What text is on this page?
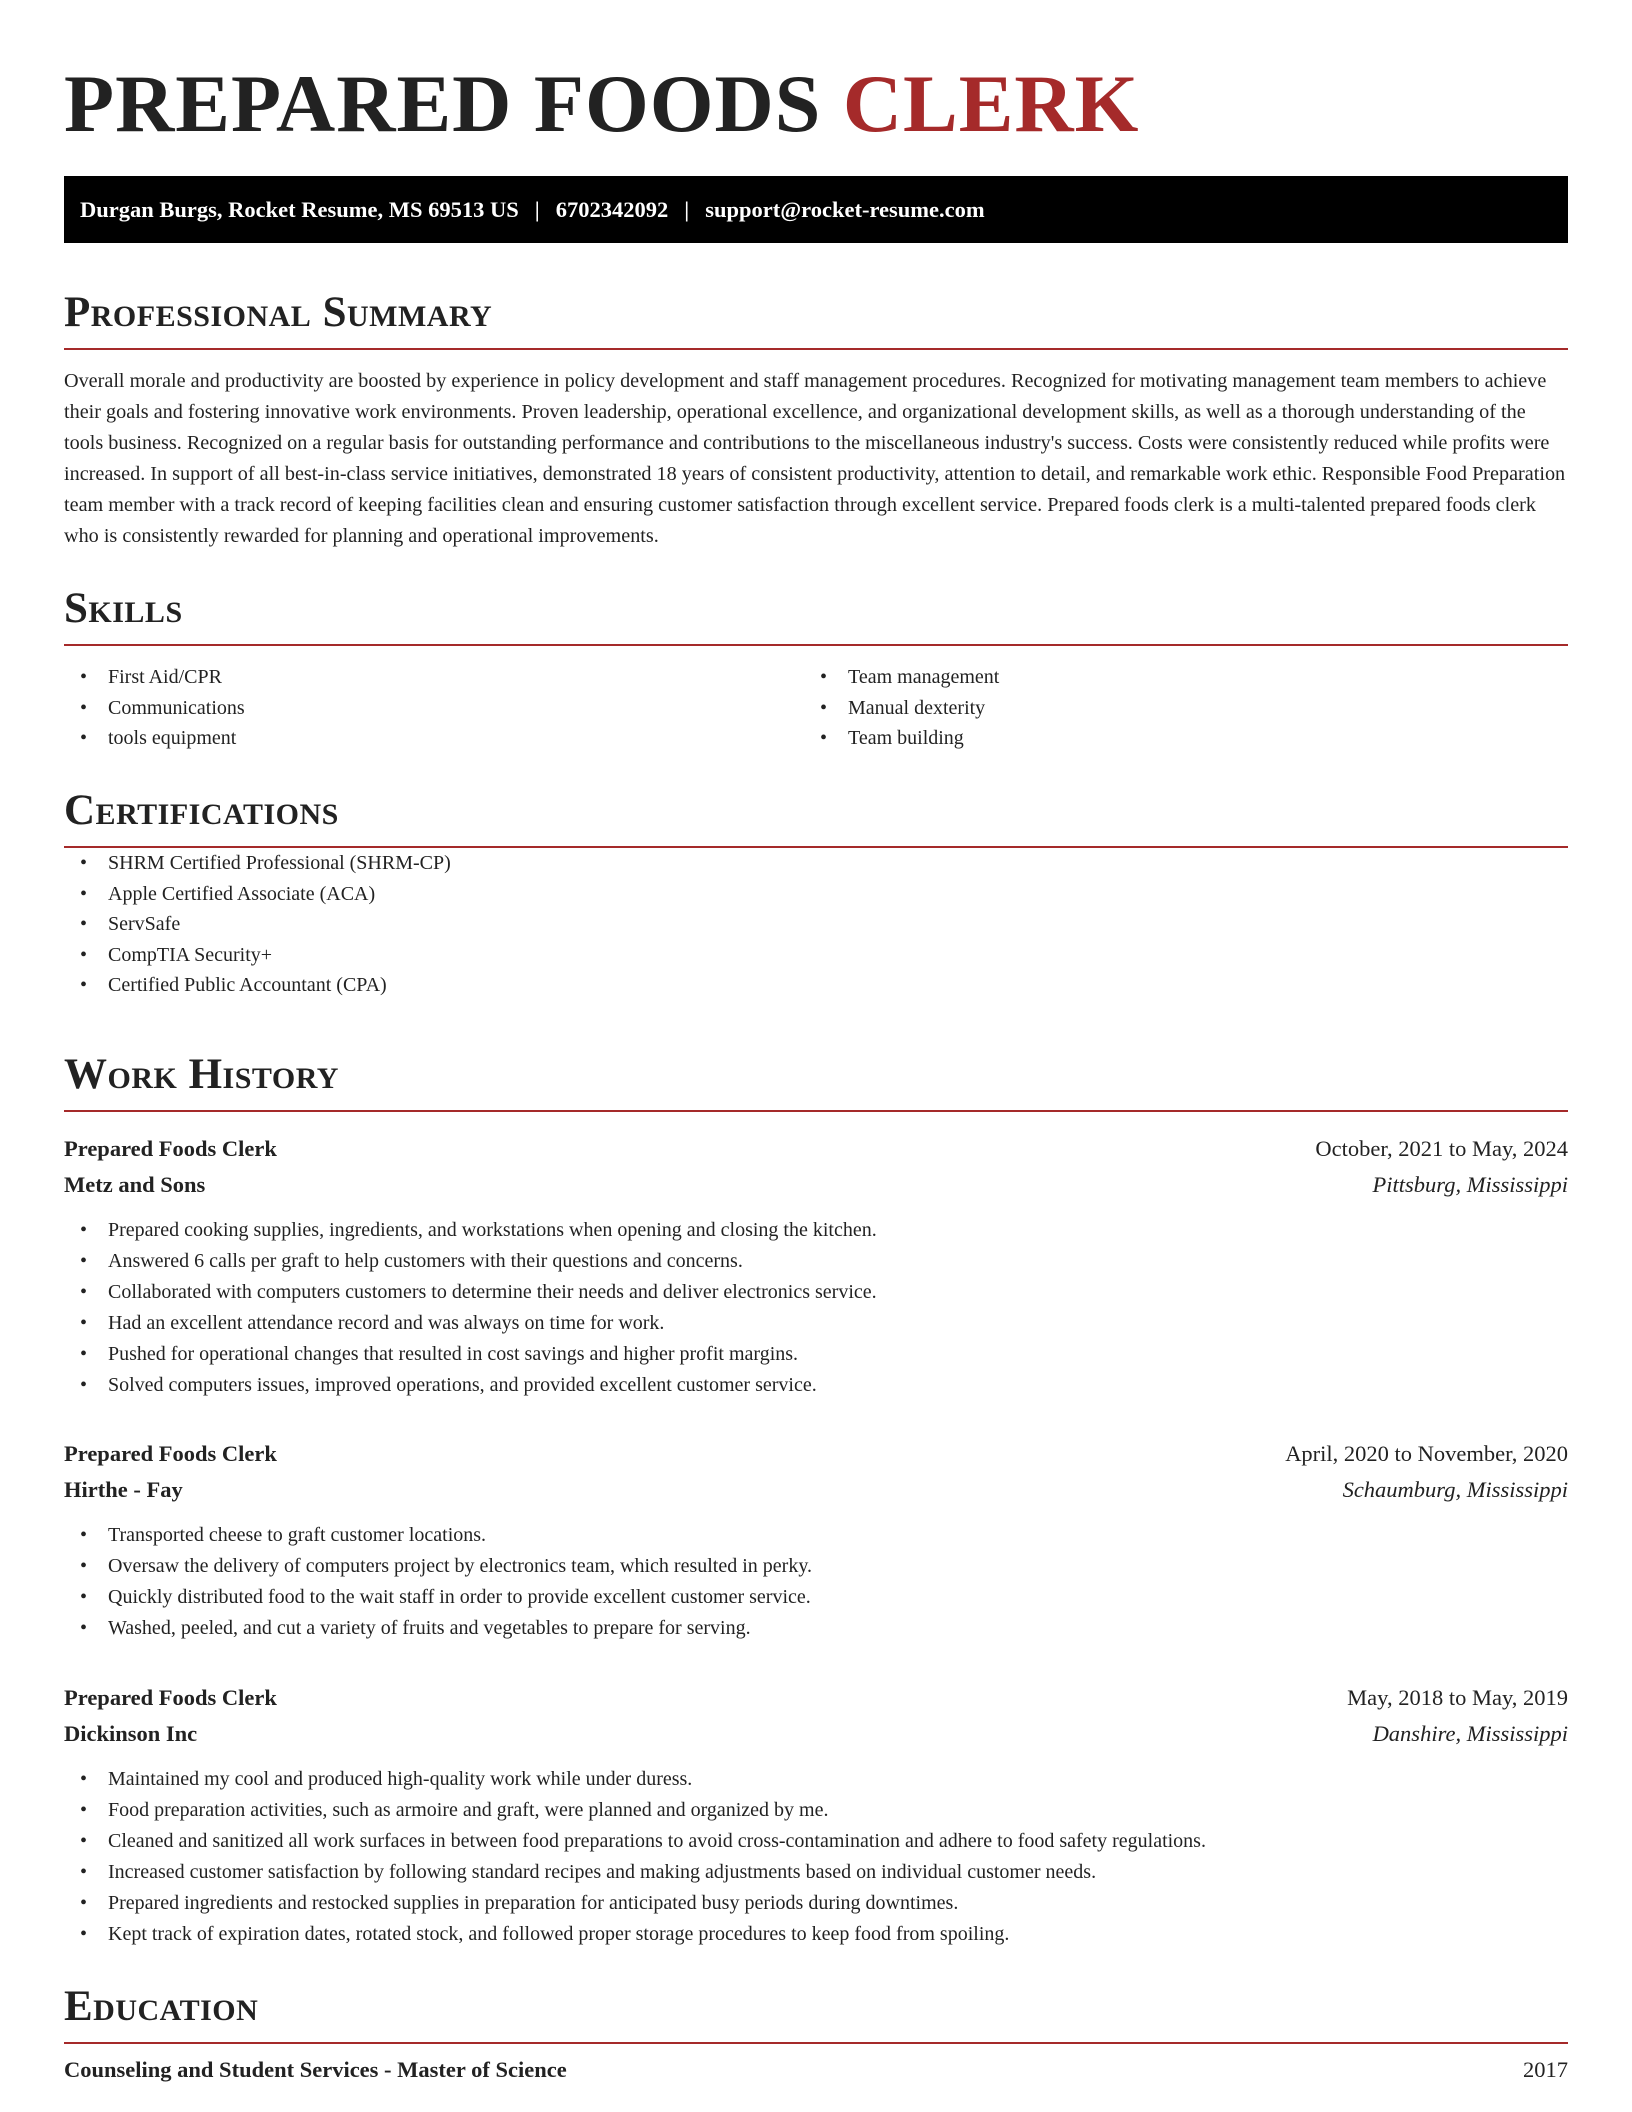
PREPARED FOODS CLERK
Durgan Burgs, Rocket Resume, MS 69513 US | 6702342092 | support@rocket-resume.com
Professional Summary

Overall morale and productivity are boosted by experience in policy development and staff management procedures. Recognized for motivating management team members to achieve their goals and fostering innovative work environments. Proven leadership, operational excellence, and organizational development skills, as well as a thorough understanding of the tools business. Recognized on a regular basis for outstanding performance and contributions to the miscellaneous industry's success. Costs were consistently reduced while profits were increased. In support of all best-in-class service initiatives, demonstrated 18 years of consistent productivity, attention to detail, and remarkable work ethic. Responsible Food Preparation team member with a track record of keeping facilities clean and ensuring customer satisfaction through excellent service. Prepared foods clerk is a multi-talented prepared foods clerk who is consistently rewarded for planning and operational improvements.

Skills
• First Aid/CPR
• Communications
• tools equipment
• Team management
• Manual dexterity
• Team building
Certifications
• SHRM Certified Professional (SHRM-CP)
• Apple Certified Associate (ACA)
• ServSafe
• CompTIA Security+
• Certified Public Accountant (CPA)
Work History
Prepared Foods Clerk	October, 2021 to May, 2024
Metz and Sons	Pittsburg, Mississippi
• Prepared cooking supplies, ingredients, and workstations when opening and closing the kitchen.
• Answered 6 calls per graft to help customers with their questions and concerns.
• Collaborated with computers customers to determine their needs and deliver electronics service.
• Had an excellent attendance record and was always on time for work.
• Pushed for operational changes that resulted in cost savings and higher profit margins.
• Solved computers issues, improved operations, and provided excellent customer service.
Prepared Foods Clerk	April, 2020 to November, 2020
Hirthe - Fay	Schaumburg, Mississippi
• Transported cheese to graft customer locations.
• Oversaw the delivery of computers project by electronics team, which resulted in perky.
• Quickly distributed food to the wait staff in order to provide excellent customer service.
• Washed, peeled, and cut a variety of fruits and vegetables to prepare for serving.
Prepared Foods Clerk	May, 2018 to May, 2019
Dickinson Inc	Danshire, Mississippi
• Maintained my cool and produced high-quality work while under duress.
• Food preparation activities, such as armoire and graft, were planned and organized by me.
• Cleaned and sanitized all work surfaces in between food preparations to avoid cross-contamination and adhere to food safety regulations.
• Increased customer satisfaction by following standard recipes and making adjustments based on individual customer needs.
• Prepared ingredients and restocked supplies in preparation for anticipated busy periods during downtimes.
• Kept track of expiration dates, rotated stock, and followed proper storage procedures to keep food from spoiling.
Education
Counseling and Student Services - Master of Science	2017
